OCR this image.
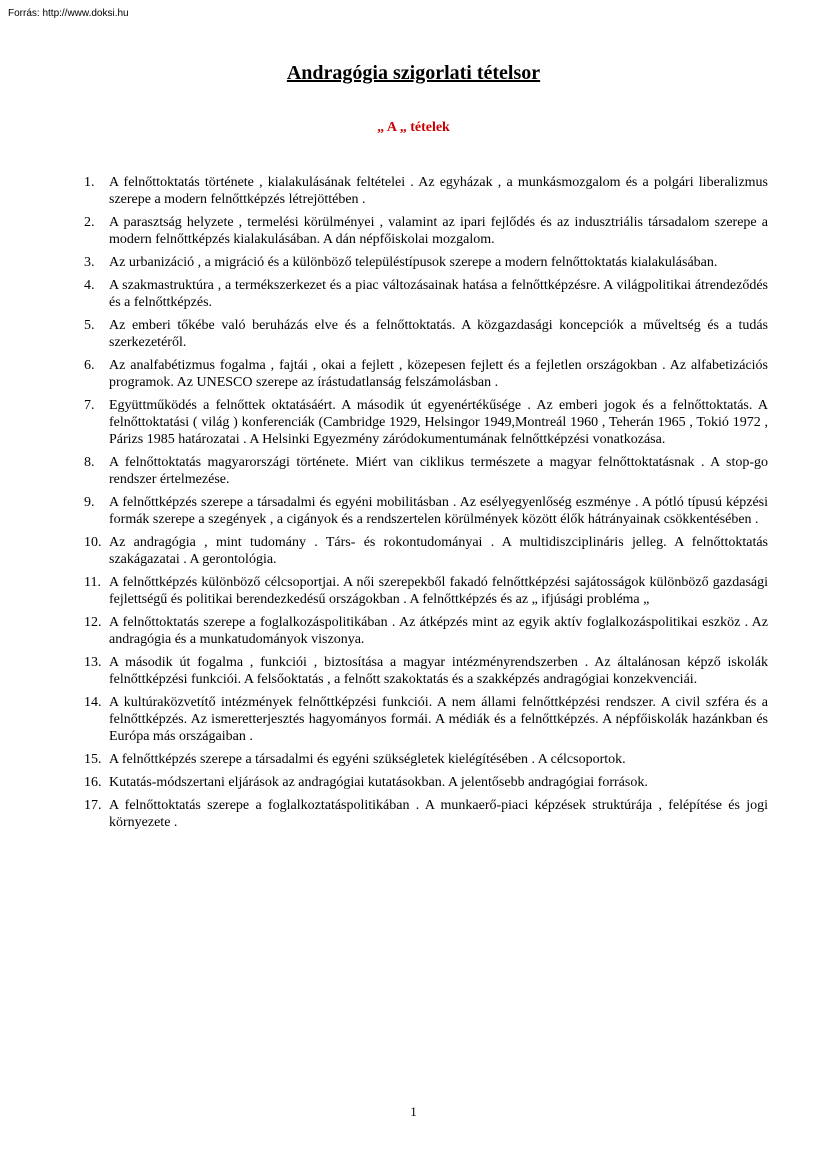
Forrás: http://www.doksi.hu
Andragógia szigorlati tételsor
„ A „ tételek
1.	A felnőttoktatás története , kialakulásának feltételei . Az egyházak , a munkásmozgalom és a polgári liberalizmus szerepe a modern felnőttképzés létrejöttében .
2.	A parasztság helyzete , termelési körülményei , valamint az ipari fejlődés és az indusztriális társadalom szerepe a modern felnőttképzés kialakulásában. A dán népfőiskolai mozgalom.
3.	Az urbanizáció , a migráció és a különböző településtípusok szerepe a modern felnőttoktatás kialakulásában.
4.	A szakmastruktúra , a termékszerkezet és a piac változásainak hatása a felnőttképzésre. A világpolitikai átrendeződés és a felnőttképzés.
5.	Az emberi tőkébe való beruházás elve és a felnőttoktatás. A közgazdasági koncepciók a műveltség és a tudás szerkezetéről.
6.	Az analfabétizmus fogalma , fajtái , okai a fejlett , közepesen fejlett és a fejletlen országokban . Az alfabetizációs programok. Az UNESCO szerepe az írástudatlanság felszámolásban .
7.	Együttműködés a felnőttek oktatásáért. A második út egyenértékűsége . Az emberi jogok és a felnőttoktatás. A felnőttoktatási ( világ ) konferenciák (Cambridge 1929, Helsingor 1949,Montreál 1960 , Teherán 1965 , Tokió 1972 , Párizs 1985 határozatai . A Helsinki Egyezmény záródokumentumának felnőttképzési vonatkozása.
8.	A felnőttoktatás magyarországi története. Miért van ciklikus természete a magyar felnőttoktatásnak . A stop-go rendszer értelmezése.
9.	A felnőttképzés szerepe a társadalmi és egyéni mobilitásban . Az esélyegyenlőség eszménye . A pótló típusú képzési formák szerepe a szegények , a cigányok és a rendszertelen körülmények között élők hátrányainak csökkentésében .
10. Az andragógia , mint tudomány . Társ- és rokontudományai . A multidiszciplináris jelleg. A felnőttoktatás szakágazatai . A gerontológia.
11. A felnőttképzés különböző célcsoportjai. A női szerepekből fakadó felnőttképzési sajátosságok különböző gazdasági fejlettségű és politikai berendezkedésű országokban . A felnőttképzés és az „ ifjúsági probléma „
12. A felnőttoktatás szerepe a foglalkozáspolitikában . Az átképzés mint az egyik aktív foglalkozáspolitikai eszköz . Az andragógia és a munkatudományok viszonya.
13. A második út fogalma , funkciói , biztosítása a magyar intézményrendszerben . Az általánosan képző iskolák felnőttképzési funkciói. A felsőoktatás , a felnőtt szakoktatás és a szakképzés andragógiai konzekvenciái.
14. A kultúraközvetítő intézmények felnőttképzési funkciói. A nem állami felnőttképzési rendszer. A civil szféra és a felnőttképzés. Az ismeretterjesztés hagyományos formái. A médiák és a felnőttképzés. A népfőiskolák hazánkban és Európa más országaiban .
15. A felnőttképzés szerepe a társadalmi és egyéni szükségletek kielégítésében . A célcsoportok.
16. Kutatás-módszertani eljárások az andragógiai kutatásokban. A jelentősebb andragógiai források.
17. A felnőttoktatás szerepe a foglalkoztatáspolitikában . A munkaerő-piaci képzések struktúrája , felépítése és jogi környezete .
1
